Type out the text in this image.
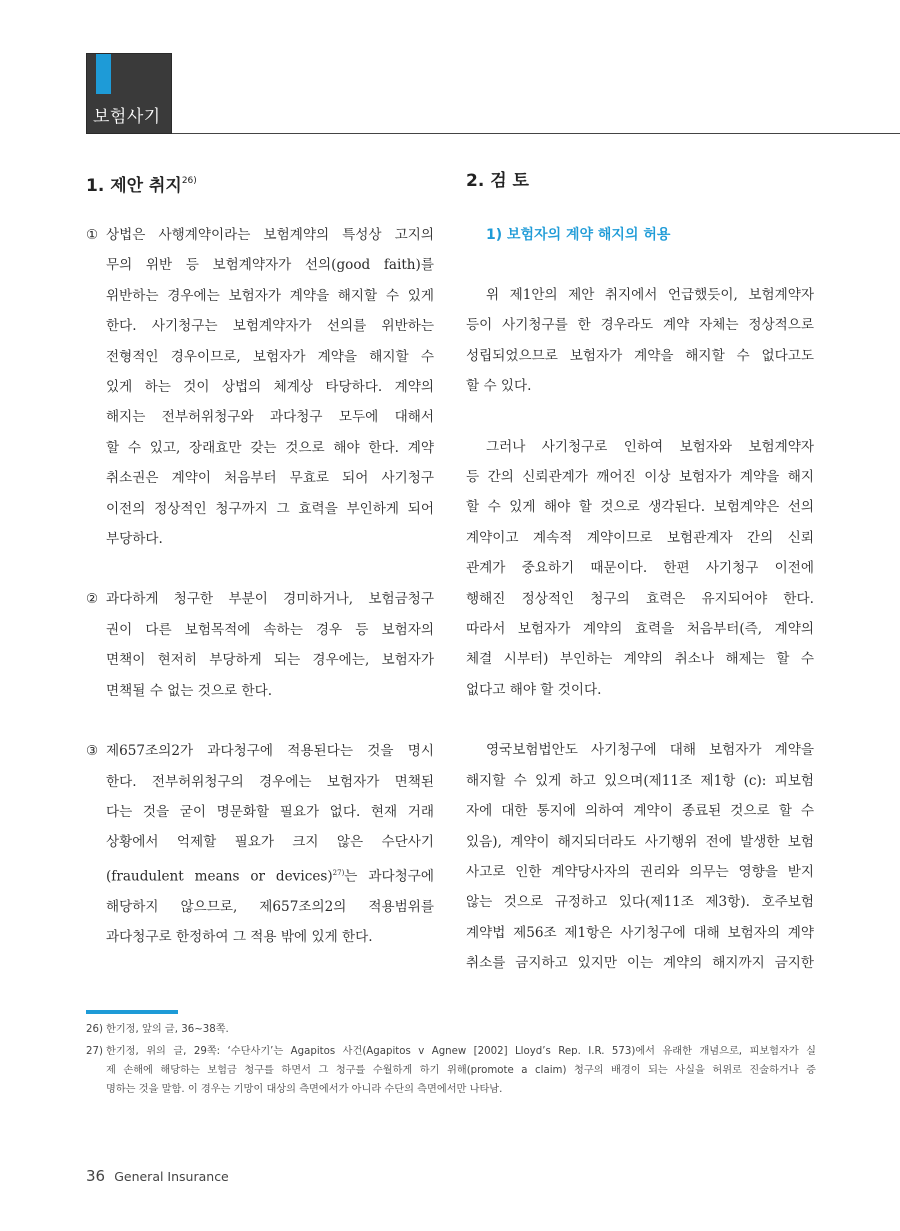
보험사기
1. 제안 취지$^{26)}$
① 상법은 사행계약이라는 보험계약의 특성상 고지의
무의 위반 등 보험계약자가 선의(good faith)를
위반하는 경우에는 보험자가 계약을 해지할 수 있게
한다. 사기청구는 보험계약자가 선의를 위반하는
전형적인 경우이므로, 보험자가 계약을 해지할 수
있게 하는 것이 상법의 체계상 타당하다. 계약의
해지는 전부허위청구와 과다청구 모두에 대해서
할 수 있고, 장래효만 갖는 것으로 해야 한다. 계약
취소권은 계약이 처음부터 무효로 되어 사기청구
이전의 정상적인 청구까지 그 효력을 부인하게 되어
부당하다.
② 과다하게 청구한 부분이 경미하거나, 보험금청구
권이 다른 보험목적에 속하는 경우 등 보험자의
면책이 현저히 부당하게 되는 경우에는, 보험자가
면책될 수 없는 것으로 한다.
③ 제657조의2가 과다청구에 적용된다는 것을 명시
한다. 전부허위청구의 경우에는 보험자가 면책된
다는 것을 굳이 명문화할 필요가 없다. 현재 거래
상황에서 억제할 필요가 크지 않은 수단사기
(fraudulent means or devices)$^{27)}$는 과다청구에
해당하지 않으므로, 제657조의2의 적용범위를
과다청구로 한정하여 그 적용 밖에 있게 한다.
2. 검 토
1) 보험자의 계약 해지의 허용
위 제1안의 제안 취지에서 언급했듯이, 보험계약자
등이 사기청구를 한 경우라도 계약 자체는 정상적으로
성립되었으므로 보험자가 계약을 해지할 수 없다고도
할 수 있다.
그러나 사기청구로 인하여 보험자와 보험계약자
등 간의 신뢰관계가 깨어진 이상 보험자가 계약을 해지
할 수 있게 해야 할 것으로 생각된다. 보험계약은 선의
계약이고 계속적 계약이므로 보험관계자 간의 신뢰
관계가 중요하기 때문이다. 한편 사기청구 이전에
행해진 정상적인 청구의 효력은 유지되어야 한다.
따라서 보험자가 계약의 효력을 처음부터(즉, 계약의
체결 시부터) 부인하는 계약의 취소나 해제는 할 수
없다고 해야 할 것이다.
영국보험법안도 사기청구에 대해 보험자가 계약을
해지할 수 있게 하고 있으며(제11조 제1항 (c): 피보험
자에 대한 통지에 의하여 계약이 종료된 것으로 할 수
있음), 계약이 해지되더라도 사기행위 전에 발생한 보험
사고로 인한 계약당사자의 권리와 의무는 영향을 받지
않는 것으로 규정하고 있다(제11조 제3항). 호주보험
계약법 제56조 제1항은 사기청구에 대해 보험자의 계약
취소를 금지하고 있지만 이는 계약의 해지까지 금지한
26) 한기정, 앞의 글, 36~38쪽.
27) 한기정, 위의 글, 29쪽: ‘수단사기’는 Agapitos 사건(Agapitos v Agnew [2002] Lloyd’s Rep. I.R. 573)에서 유래한 개념으로, 피보험자가 실
제 손해에 해당하는 보험금 청구를 하면서 그 청구를 수월하게 하기 위해(promote a claim) 청구의 배경이 되는 사실을 허위로 진술하거나 증
명하는 것을 말함. 이 경우는 기망이 대상의 측면에서가 아니라 수단의 측면에서만 나타남.
36 General Insurance
